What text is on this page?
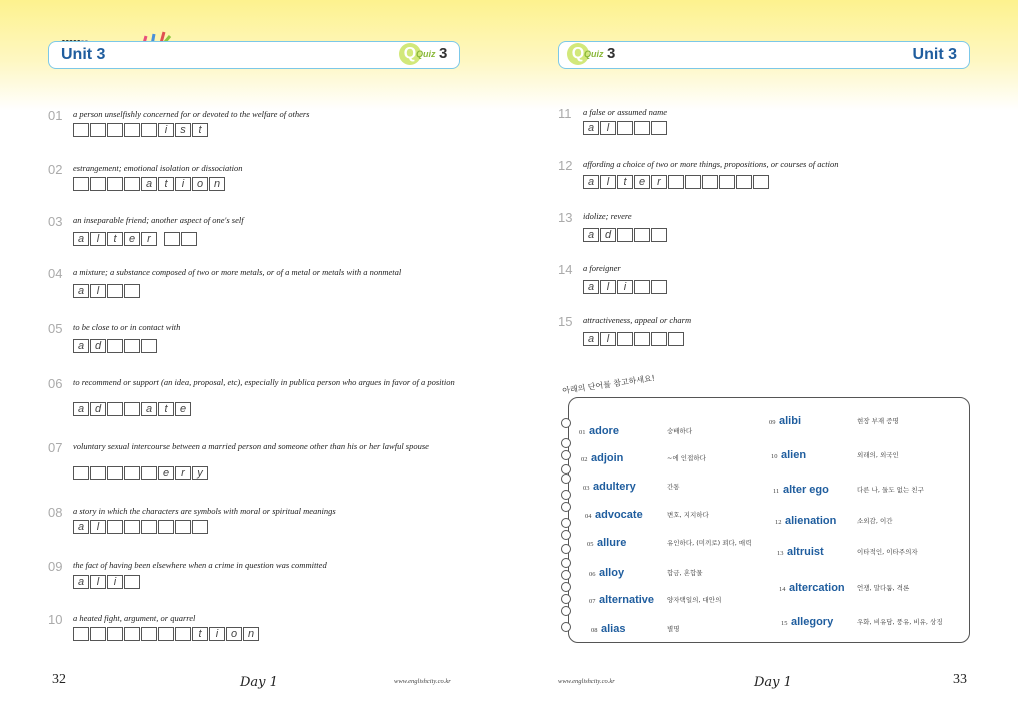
Unit 3	Q Quiz 3	Q Quiz 3	Unit 3
01 a person unselfishly concerned for or devoted to the welfare of others
i	s	t
02 estrangement; emotional isolation or dissociation
a	t	i	o n
03 an inseparable friend; another aspect of one's self
a	l	t	e	r
04 a mixture; a substance composed of two or more metals, or of a metal or metals with a nonmetal
a	l
05 to be close to or in contact with
a d
06 to recommend or support (an idea, proposal, etc), especially in publica person who argues in favor of a position
a d	a	t	e
07 voluntary sexual intercourse between a married person and someone other than his or her lawful spouse
e	r	y
08 a story in which the characters are symbols with moral or spiritual meanings
a	l
09 the fact of having been elsewhere when a crime in question was committed
a	l	i
10 a heated fight, argument, or quarrel
t	i	o n
11 a false or assumed name
a	l
12 affording a choice of two or more things, propositions, or courses of action
a	l	t	e	r
13 idolize; revere
a d
14 a foreigner
a	l	i
15 attractiveness, appeal or charm
a	l
아래의 단어를 참고하세요!
01 adore	숭배하다
02 adjoin	~에 인접하다
03 adultery	간통
04 advocate	변호, 지지하다
05 allure	유인하다, (미끼로) 꾀다, 매력
06 alloy	합금, 혼합물
07 alternative 양자택일의, 대안의
08 alias	별명
09 alibi	현장 부재 증명
10 alien	외래의, 외국인
11 alter ego	다른 나, 둘도 없는 친구
12 alienation	소외감, 이간
13 altruist	이타적인, 이타주의자
14 altercation 언쟁, 말다툼, 격론
15 allegory	우화, 비유담, 풍유, 비유, 상징
32	Day 1	www.englishcity.co.kr	www.englishcity.co.kr	Day 1	33
